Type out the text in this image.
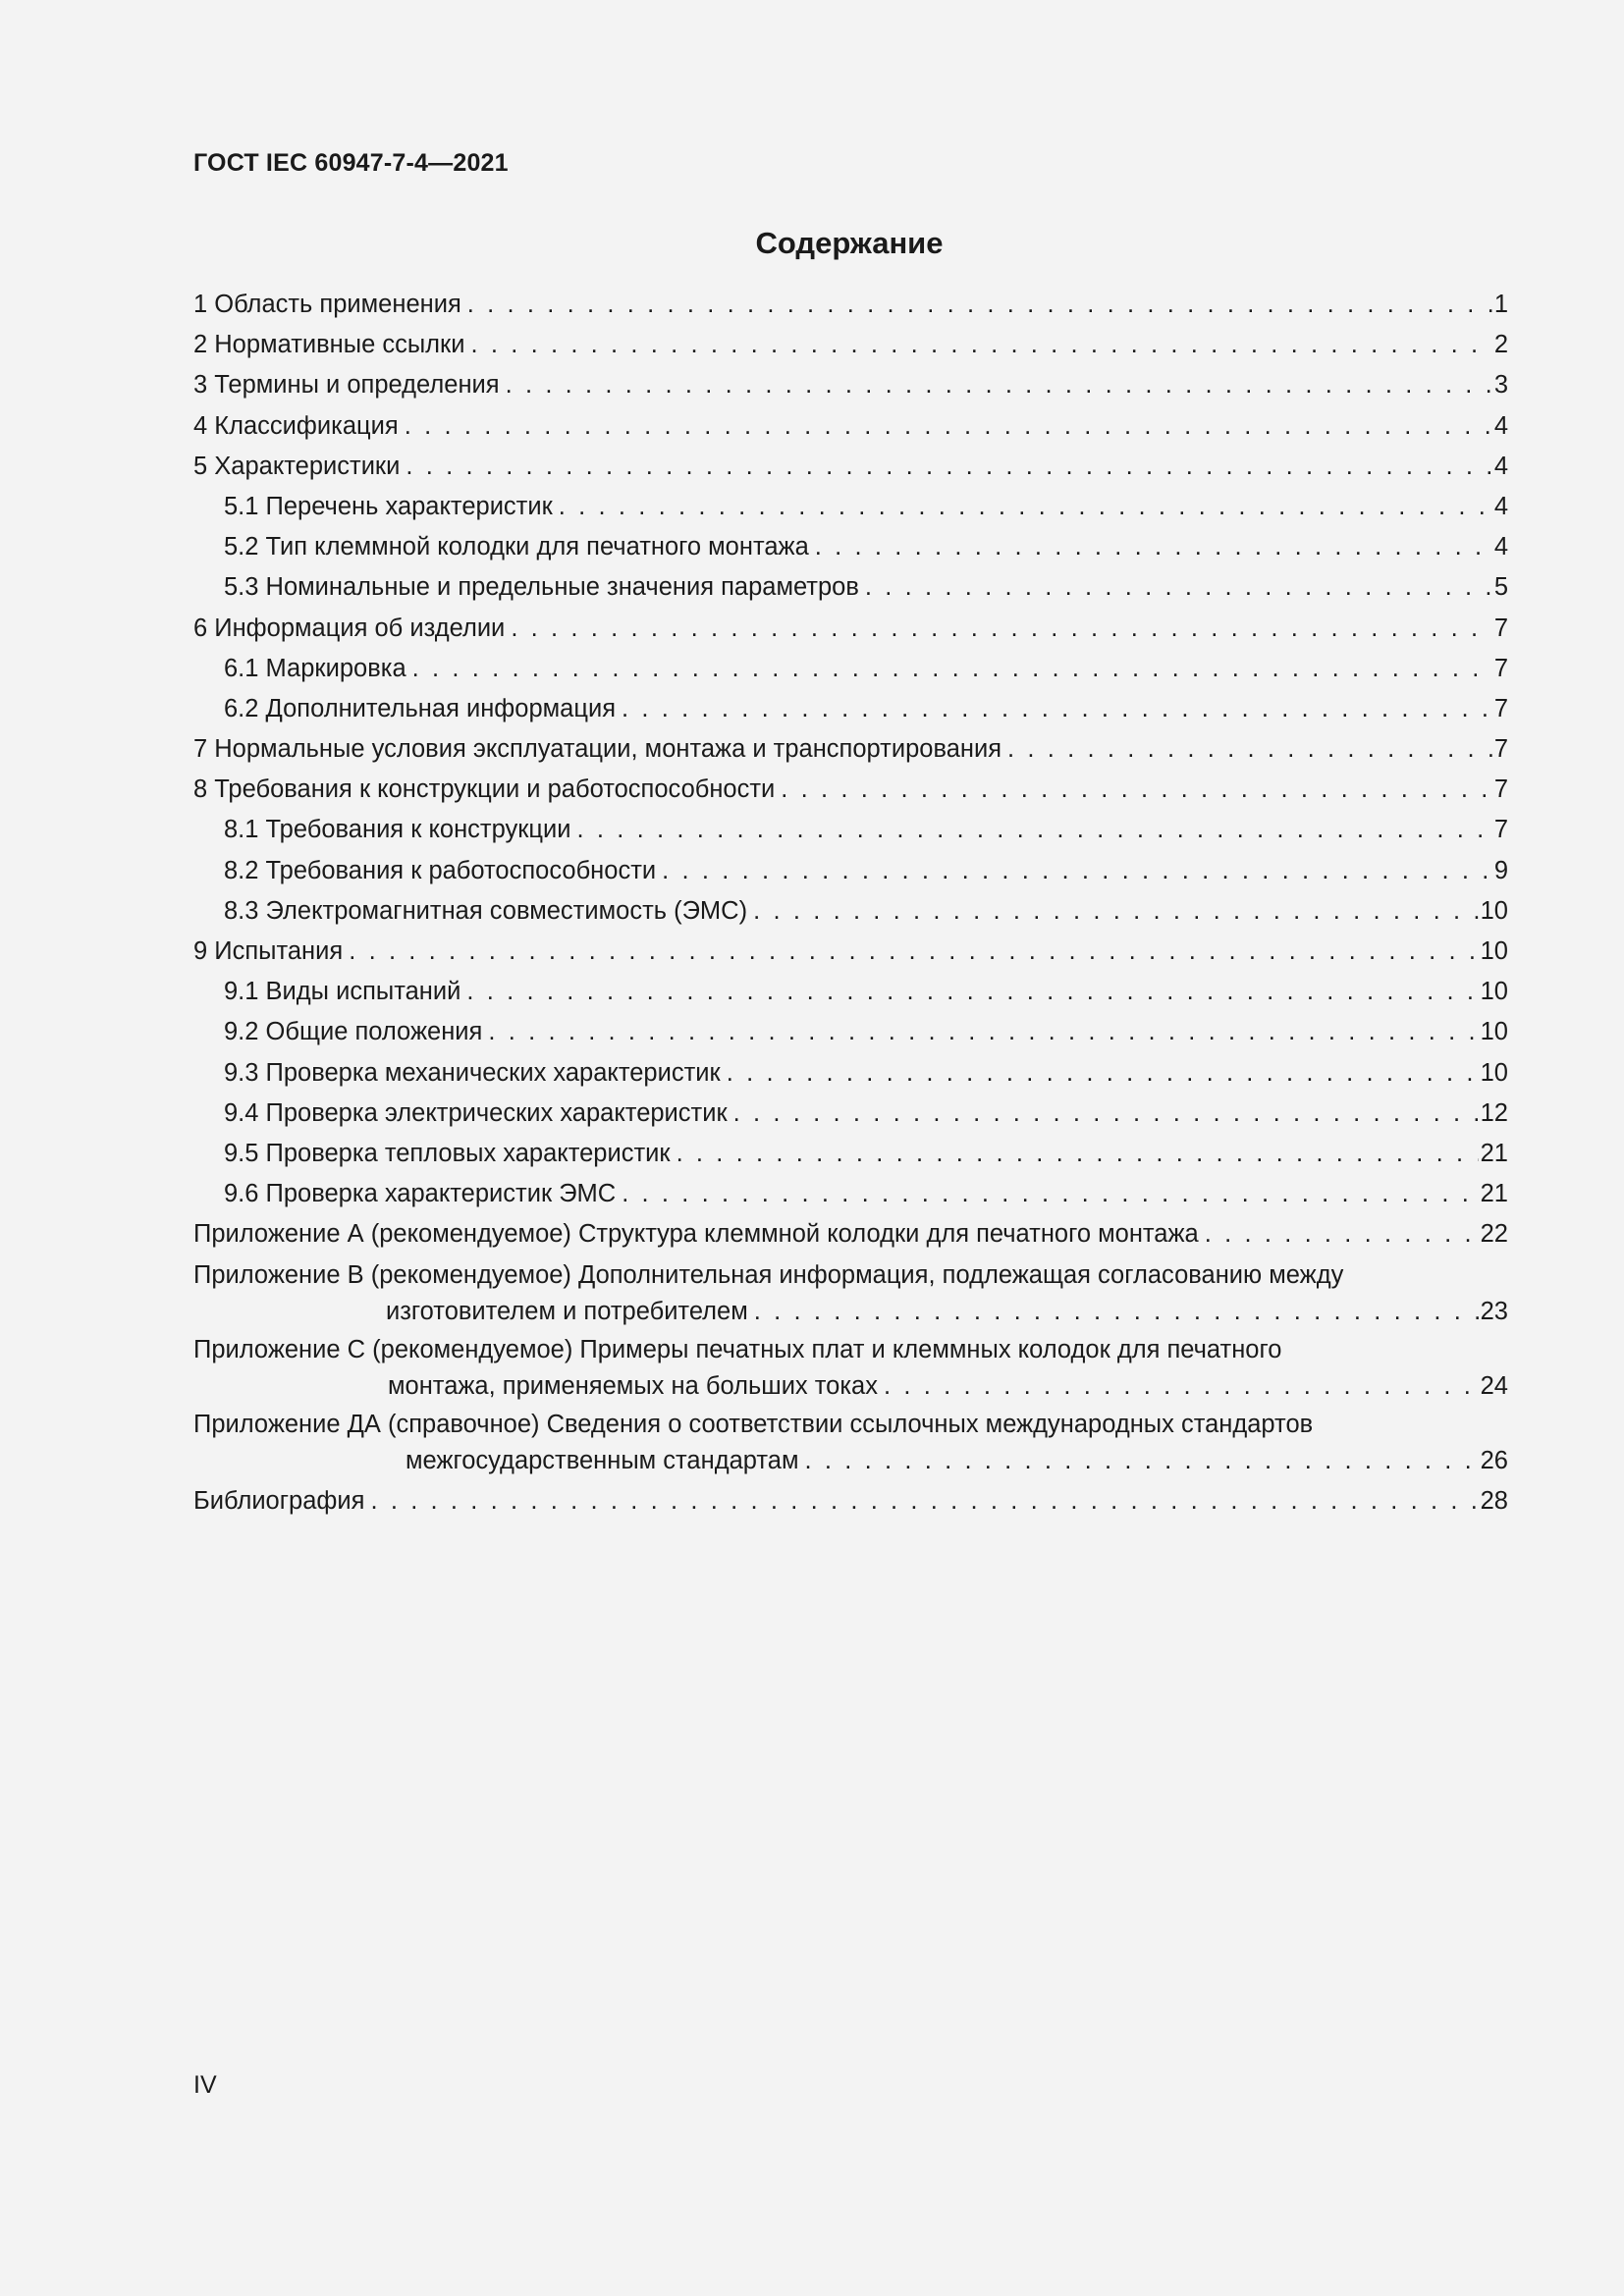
ГОСТ IEC 60947-7-4—2021
Содержание
1 Область применения . . .	1
2 Нормативные ссылки . . .	2
3 Термины и определения . . .	3
4 Классификация . . .	4
5 Характеристики . . .	4
5.1 Перечень характеристик . . .	4
5.2 Тип клеммной колодки для печатного монтажа . . .	4
5.3 Номинальные и предельные значения параметров . . .	5
6 Информация об изделии . . .	7
6.1 Маркировка . . .	7
6.2 Дополнительная информация . . .	7
7 Нормальные условия эксплуатации, монтажа и транспортирования . . .	7
8 Требования к конструкции и работоспособности . . .	7
8.1 Требования к конструкции . . .	7
8.2 Требования к работоспособности . . .	9
8.3 Электромагнитная совместимость (ЭМС) . . .	10
9 Испытания . . .	10
9.1 Виды испытаний . . .	10
9.2 Общие положения . . .	10
9.3 Проверка механических характеристик . . .	10
9.4 Проверка электрических характеристик . . .	12
9.5 Проверка тепловых характеристик . . .	21
9.6 Проверка характеристик ЭМС . . .	21
Приложение А (рекомендуемое) Структура клеммной колодки для печатного монтажа . . .	22
Приложение В (рекомендуемое) Дополнительная информация, подлежащая согласованию между
изготовителем и потребителем . . .	23
Приложение С (рекомендуемое) Примеры печатных плат и клеммных колодок для печатного
монтажа, применяемых на больших токах . . .	24
Приложение ДА (справочное) Сведения о соответствии ссылочных международных стандартов
межгосударственным стандартам . . .	26
Библиография . . .	28
IV
